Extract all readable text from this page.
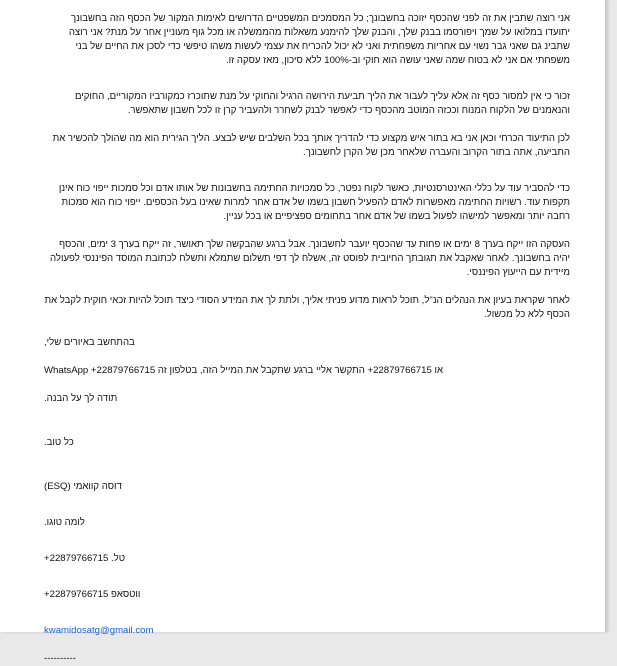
אני רוצה שתבין את זה לפני שהכסף יזוכה בחשבונך; כל המסמכים המשפטיים הדרושים לאימות המקור של הכסף הזה בחשבונך יתועדו במלואו על שמך ויפורסמו בבנק שלך, והבנק שלך להימנע משאלות מהממשלה או מכל גוף מעוניין אחר על מנת? אני רוצה שתבינ גם שאני גבר נשוי עם אחריות משפחתית ואני לא יכול להכריח את עצמי לעשות משהו טיפשי כדי לסכן את החיים של בני משפחתי אם אני לא בטוח שמה שאני עושה הוא חוקי וב-100% ללא סיכון, מאז עסקה זו.

זכור כי אין למסור כסף זה אלא עליך לעבור את הליך תביעת הירושה הרגיל והחוקי על מנת שתוכרז כמקורביו המקוריים, החוקים והנאמנים של הלקוח המנוח וככזה המוטב מהכסף כדי לאפשר לבנק לשחרר ולהעביר קרן זו לכל חשבון שתאפשר.

לכן התיעוד הכרחי וכאן אני בא בתור איש מקצוע כדי להדריך אותך בכל השלבים שיש לבצע. הליך הגירית הוא מה שהולך להכשיר את התביעה, אתה בתור הקרוב והעברה שלאחר מכן של הקרן לחשבונך.

כדי להסביר עוד על כללי האינטרסנטיות, כאשר לקוח נפטר, כל סמכויות החתימה בחשבונות של אותו אדם וכל סמכות ייפוי כוח אינן תקפות עוד. רשויות החתימה מאפשרות לאדם להפעיל חשבון בשמו של אדם אחר למרות שאינו בעל הכספים. ייפוי כוח הוא סמכות רחבה יותר ומאפשר למישהו לפעול בשמו של אדם אחר בתחומים ספציפיים או בכל עניין.

העסקה הזו ייקח בערך 8 ימים או פחות עד שהכסף יועבר לחשבונך. אבל ברגע שהבקשה שלך תאושר, זה ייקח בערך 3 ימים, והכסף יהיה בחשבונך. לאחר שאקבל את תגובתך החיובית לפוסט זה, אשלח לך דפי תשלום שתמלא ותשלח לכתובת המוסד הפיננסי לפעולה מיידית עם הייעוץ הפיננסי.

לאחר שקראת בעיון את הנהלים הנ"ל, תוכל לראות מדוע פניתי אליך, ולתת לך את המידע הסודי כיצד תוכל להיות זכאי חוקית לקבל את הכסף ללא כל מכשול.

בהתחשב באיורים שלי,

או 22879766715+ התקשר אליי ברגע שתקבל את המייל הזה, בטלפון זה WhatsApp +22879766715

תודה לך על הבנה.

כל טוב.

דוסה קוואמי (ESQ)

לומה טוגו.

טל. 22879766715+

ווטסאפ 22879766715+

kwamidosatg@gmail.com

----------
